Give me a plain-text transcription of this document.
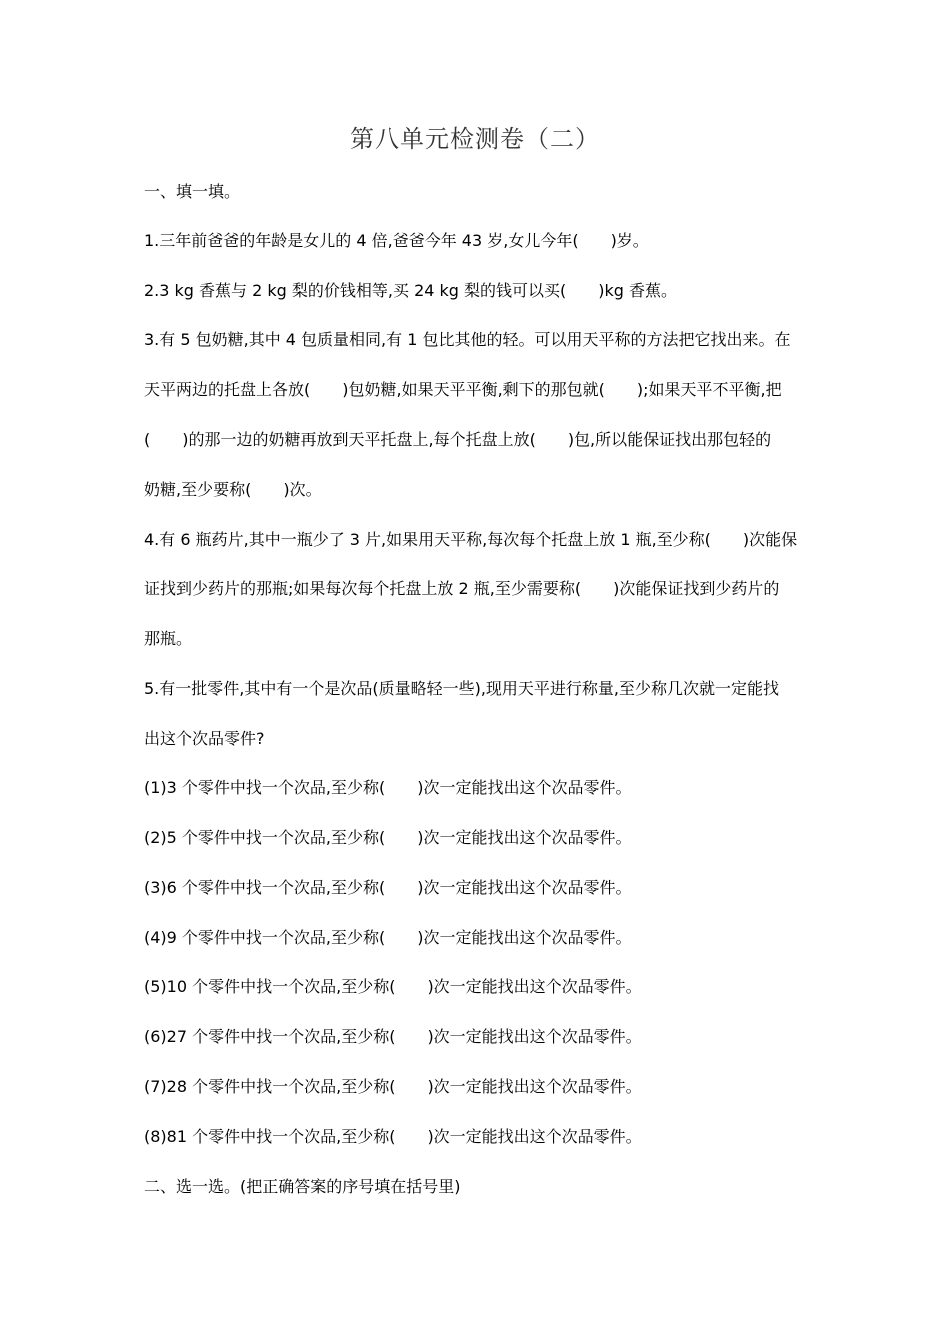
第八单元检测卷（二）
一、填一填。
1.三年前爸爸的年龄是女儿的 4 倍,爸爸今年 43 岁,女儿今年(　　)岁。
2.3 kg 香蕉与 2 kg 梨的价钱相等,买 24 kg 梨的钱可以买(　　)kg 香蕉。
3.有 5 包奶糖,其中 4 包质量相同,有 1 包比其他的轻。可以用天平称的方法把它找出来。在
天平两边的托盘上各放(　　)包奶糖,如果天平平衡,剩下的那包就(　　);如果天平不平衡,把
(　　)的那一边的奶糖再放到天平托盘上,每个托盘上放(　　)包,所以能保证找出那包轻的
奶糖,至少要称(　　)次。
4.有 6 瓶药片,其中一瓶少了 3 片,如果用天平称,每次每个托盘上放 1 瓶,至少称(　　)次能保
证找到少药片的那瓶;如果每次每个托盘上放 2 瓶,至少需要称(　　)次能保证找到少药片的
那瓶。
5.有一批零件,其中有一个是次品(质量略轻一些),现用天平进行称量,至少称几次就一定能找
出这个次品零件?
(1)3 个零件中找一个次品,至少称(　　)次一定能找出这个次品零件。
(2)5 个零件中找一个次品,至少称(　　)次一定能找出这个次品零件。
(3)6 个零件中找一个次品,至少称(　　)次一定能找出这个次品零件。
(4)9 个零件中找一个次品,至少称(　　)次一定能找出这个次品零件。
(5)10 个零件中找一个次品,至少称(　　)次一定能找出这个次品零件。
(6)27 个零件中找一个次品,至少称(　　)次一定能找出这个次品零件。
(7)28 个零件中找一个次品,至少称(　　)次一定能找出这个次品零件。
(8)81 个零件中找一个次品,至少称(　　)次一定能找出这个次品零件。
二、选一选。(把正确答案的序号填在括号里)
